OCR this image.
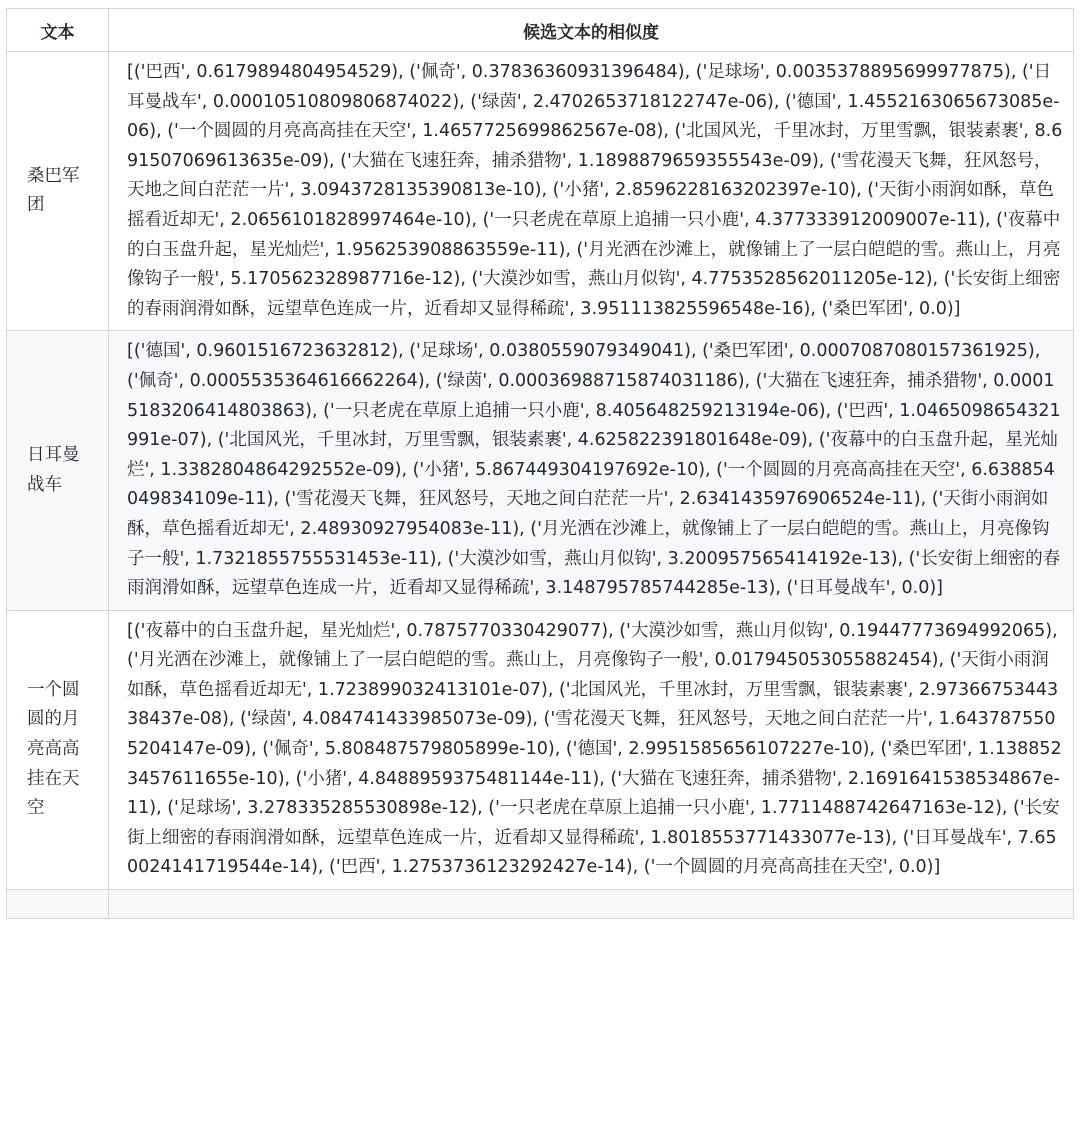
文本	候选文本的相似度
桑巴军团	[('巴西', 0.6179894804954529), ('佩奇', 0.37836360931396484), ('足球场', 0.0035378895699977875), ('日耳曼战车', 0.00010510809806874022), ('绿茵', 2.4702653718122747e-06), ('德国', 1.4552163065673085e-06), ('一个圆圆的月亮高高挂在天空', 1.4657725699862567e-08), ('北国风光，千里冰封，万里雪飘，银装素裹', 8.691507069613635e-09), ('大猫在飞速狂奔，捕杀猎物', 1.1898879659355543e-09), ('雪花漫天飞舞，狂风怒号，天地之间白茫茫一片', 3.0943728135390813e-10), ('小猪', 2.8596228163202397e-10), ('天街小雨润如酥，草色摇看近却无', 2.0656101828997464e-10), ('一只老虎在草原上追捕一只小鹿', 4.377333912009007e-11), ('夜幕中的白玉盘升起，星光灿烂', 1.956253908863559e-11), ('月光洒在沙滩上，就像铺上了一层白皑皑的雪。燕山上，月亮像钩子一般', 5.170562328987716e-12), ('大漠沙如雪，燕山月似钩', 4.7753528562011205e-12), ('长安街上细密的春雨润滑如酥，远望草色连成一片，近看却又显得稀疏', 3.951113825596548e-16), ('桑巴军团', 0.0)]
日耳曼战车	[('德国', 0.9601516723632812), ('足球场', 0.0380559079349041), ('桑巴军团', 0.0007087080157361925), ('佩奇', 0.0005535364616662264), ('绿茵', 0.00036988715874031186), ('大猫在飞速狂奔，捕杀猎物', 0.00015183206414803863), ('一只老虎在草原上追捕一只小鹿', 8.405648259213194e-06), ('巴西', 1.0465098654321991e-07), ('北国风光，千里冰封，万里雪飘，银装素裹', 4.625822391801648e-09), ('夜幕中的白玉盘升起，星光灿烂', 1.3382804864292552e-09), ('小猪', 5.867449304197692e-10), ('一个圆圆的月亮高高挂在天空', 6.638854049834109e-11), ('雪花漫天飞舞，狂风怒号，天地之间白茫茫一片', 2.6341435976906524e-11), ('天街小雨润如酥，草色摇看近却无', 2.48930927954083e-11), ('月光洒在沙滩上，就像铺上了一层白皑皑的雪。燕山上，月亮像钩子一般', 1.7321855755531453e-11), ('大漠沙如雪，燕山月似钩', 3.200957565414192e-13), ('长安街上细密的春雨润滑如酥，远望草色连成一片，近看却又显得稀疏', 3.148795785744285e-13), ('日耳曼战车', 0.0)]
一个圆圆的月亮高高挂在天空	[('夜幕中的白玉盘升起，星光灿烂', 0.7875770330429077), ('大漠沙如雪，燕山月似钩', 0.19447773694992065), ('月光洒在沙滩上，就像铺上了一层白皑皑的雪。燕山上，月亮像钩子一般', 0.017945053055882454), ('天街小雨润如酥，草色摇看近却无', 1.723899032413101e-07), ('北国风光，千里冰封，万里雪飘，银装素裹', 2.9736675344338437e-08), ('绿茵', 4.084741433985073e-09), ('雪花漫天飞舞，狂风怒号，天地之间白茫茫一片', 1.6437875505204147e-09), ('佩奇', 5.808487579805899e-10), ('德国', 2.9951585656107227e-10), ('桑巴军团', 1.1388523457611655e-10), ('小猪', 4.8488959375481144e-11), ('大猫在飞速狂奔，捕杀猎物', 2.1691641538534867e-11), ('足球场', 3.278335285530898e-12), ('一只老虎在草原上追捕一只小鹿', 1.7711488742647163e-12), ('长安街上细密的春雨润滑如酥，远望草色连成一片，近看却又显得稀疏', 1.8018553771433077e-13), ('日耳曼战车', 7.650024141719544e-14), ('巴西', 1.2753736123292427e-14), ('一个圆圆的月亮高高挂在天空', 0.0)]
